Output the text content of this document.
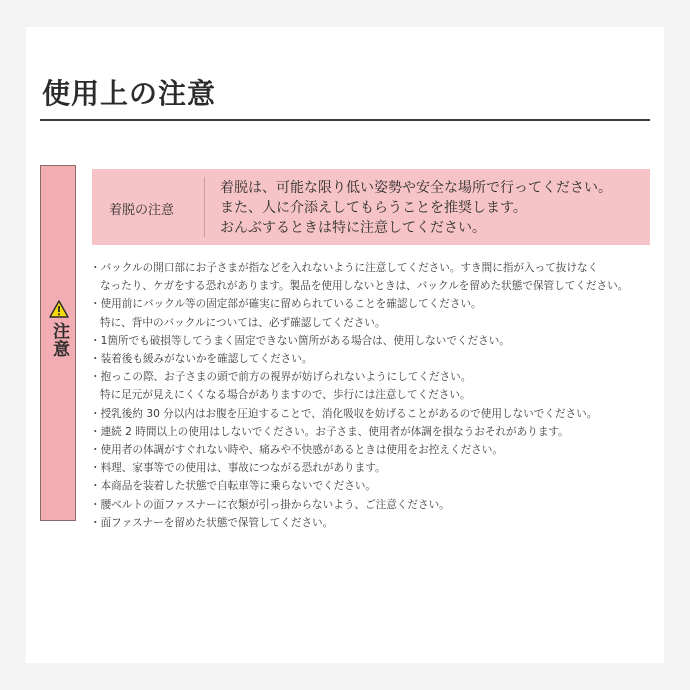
使用上の注意
注意
着脱の注意
着脱は、可能な限り低い姿勢や安全な場所で行ってください。
また、人に介添えしてもらうことを推奨します。
おんぶするときは特に注意してください。
・バックルの開口部にお子さまが指などを入れないように注意してください。すき間に指が入って抜けなく
なったり、ケガをする恐れがあります。製品を使用しないときは、バックルを留めた状態で保管してください。
・使用前にバックル等の固定部が確実に留められていることを確認してください。
特に、背中のバックルについては、必ず確認してください。
・1箇所でも破損等してうまく固定できない箇所がある場合は、使用しないでください。
・装着後も緩みがないかを確認してください。
・抱っこの際、お子さまの頭で前方の視界が妨げられないようにしてください。
特に足元が見えにくくなる場合がありますので、歩行には注意してください。
・授乳後約 30 分以内はお腹を圧迫することで、消化吸収を妨げることがあるので使用しないでください。
・連続 2 時間以上の使用はしないでください。お子さま、使用者が体調を損なうおそれがあります。
・使用者の体調がすぐれない時や、痛みや不快感があるときは使用をお控えください。
・料理、家事等での使用は、事故につながる恐れがあります。
・本商品を装着した状態で自転車等に乗らないでください。
・腰ベルトの面ファスナーに衣類が引っ掛からないよう、ご注意ください。
・面ファスナーを留めた状態で保管してください。
